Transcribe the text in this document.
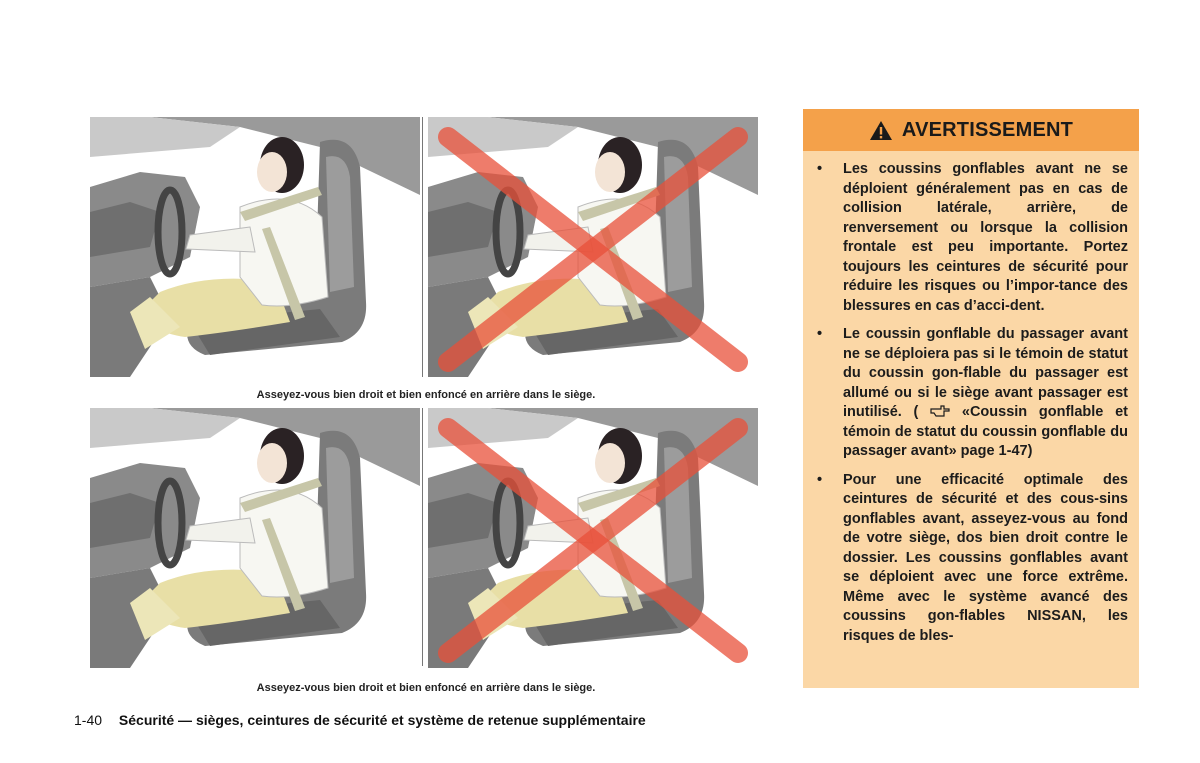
Asseyez-vous bien droit et bien enfoncé en arrière dans le siège.
Asseyez-vous bien droit et bien enfoncé en arrière dans le siège.
AVERTISSEMENT
• Les coussins gonflables avant ne se déploient généralement pas en cas de collision latérale, arrière, de renversement ou lorsque la collision frontale est peu importante. Portez toujours les ceintures de sécurité pour réduire les risques ou l’impor-tance des blessures en cas d’acci-dent.
• Le coussin gonflable du passager avant ne se déploiera pas si le témoin de statut du coussin gon-flable du passager est allumé ou si le siège avant passager est inutilisé. (	«Coussin gonflable et témoin de statut du coussin gonflable du passager avant» page 1-47)
• Pour une efficacité optimale des ceintures de sécurité et des cous-sins gonflables avant, asseyez-vous au fond de votre siège, dos bien droit contre le dossier. Les coussins gonflables avant se déploient avec une force extrême. Même avec le système avancé des coussins gon-flables NISSAN, les risques de bles-
1-40 Sécurité — sièges, ceintures de sécurité et système de retenue supplémentaire
